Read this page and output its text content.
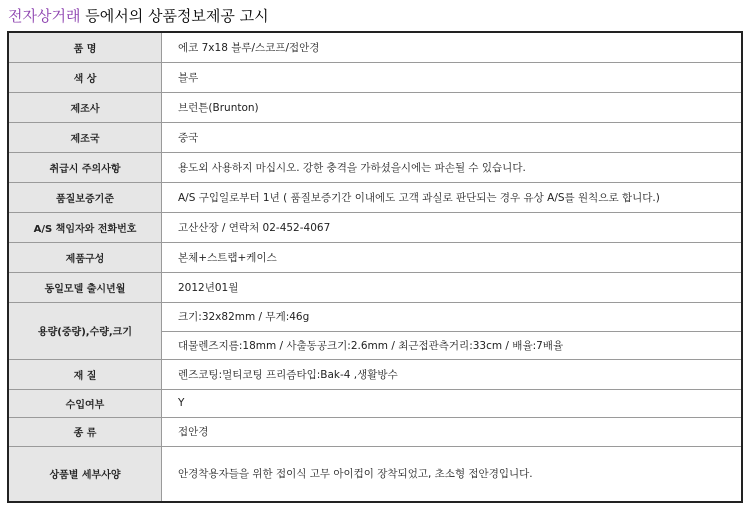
전자상거래 등에서의 상품정보제공 고시
품 명	에코 7x18 블루/스코프/접안경
색 상	블루
제조사	브런튼(Brunton)
제조국	중국
취급시 주의사항	용도외 사용하지 마십시오. 강한 충격을 가하셨을시에는 파손될 수 있습니다.
품질보증기준	A/S 구입일로부터 1년 ( 품질보증기간 이내에도 고객 과실로 판단되는 경우 유상 A/S를 원칙으로 합니다.)
A/S 책임자와 전화번호	고산산장 / 연락처 02-452-4067
제품구성	본체+스트랩+케이스
동일모델 출시년월	2012년01월
용량(중량),수량,크기	크기:32x82mm / 무게:46g
	대물렌즈지름:18mm / 사출동공크기:2.6mm / 최근접관측거리:33cm / 배율:7배율
재 질	렌즈코팅:멀티코팅 프리즘타입:Bak-4 ,생활방수
수입여부	Y
종 류	접안경
상품별 세부사양	안경착용자들을 위한 접이식 고무 아이컵이 장착되었고, 초소형 접안경입니다.
